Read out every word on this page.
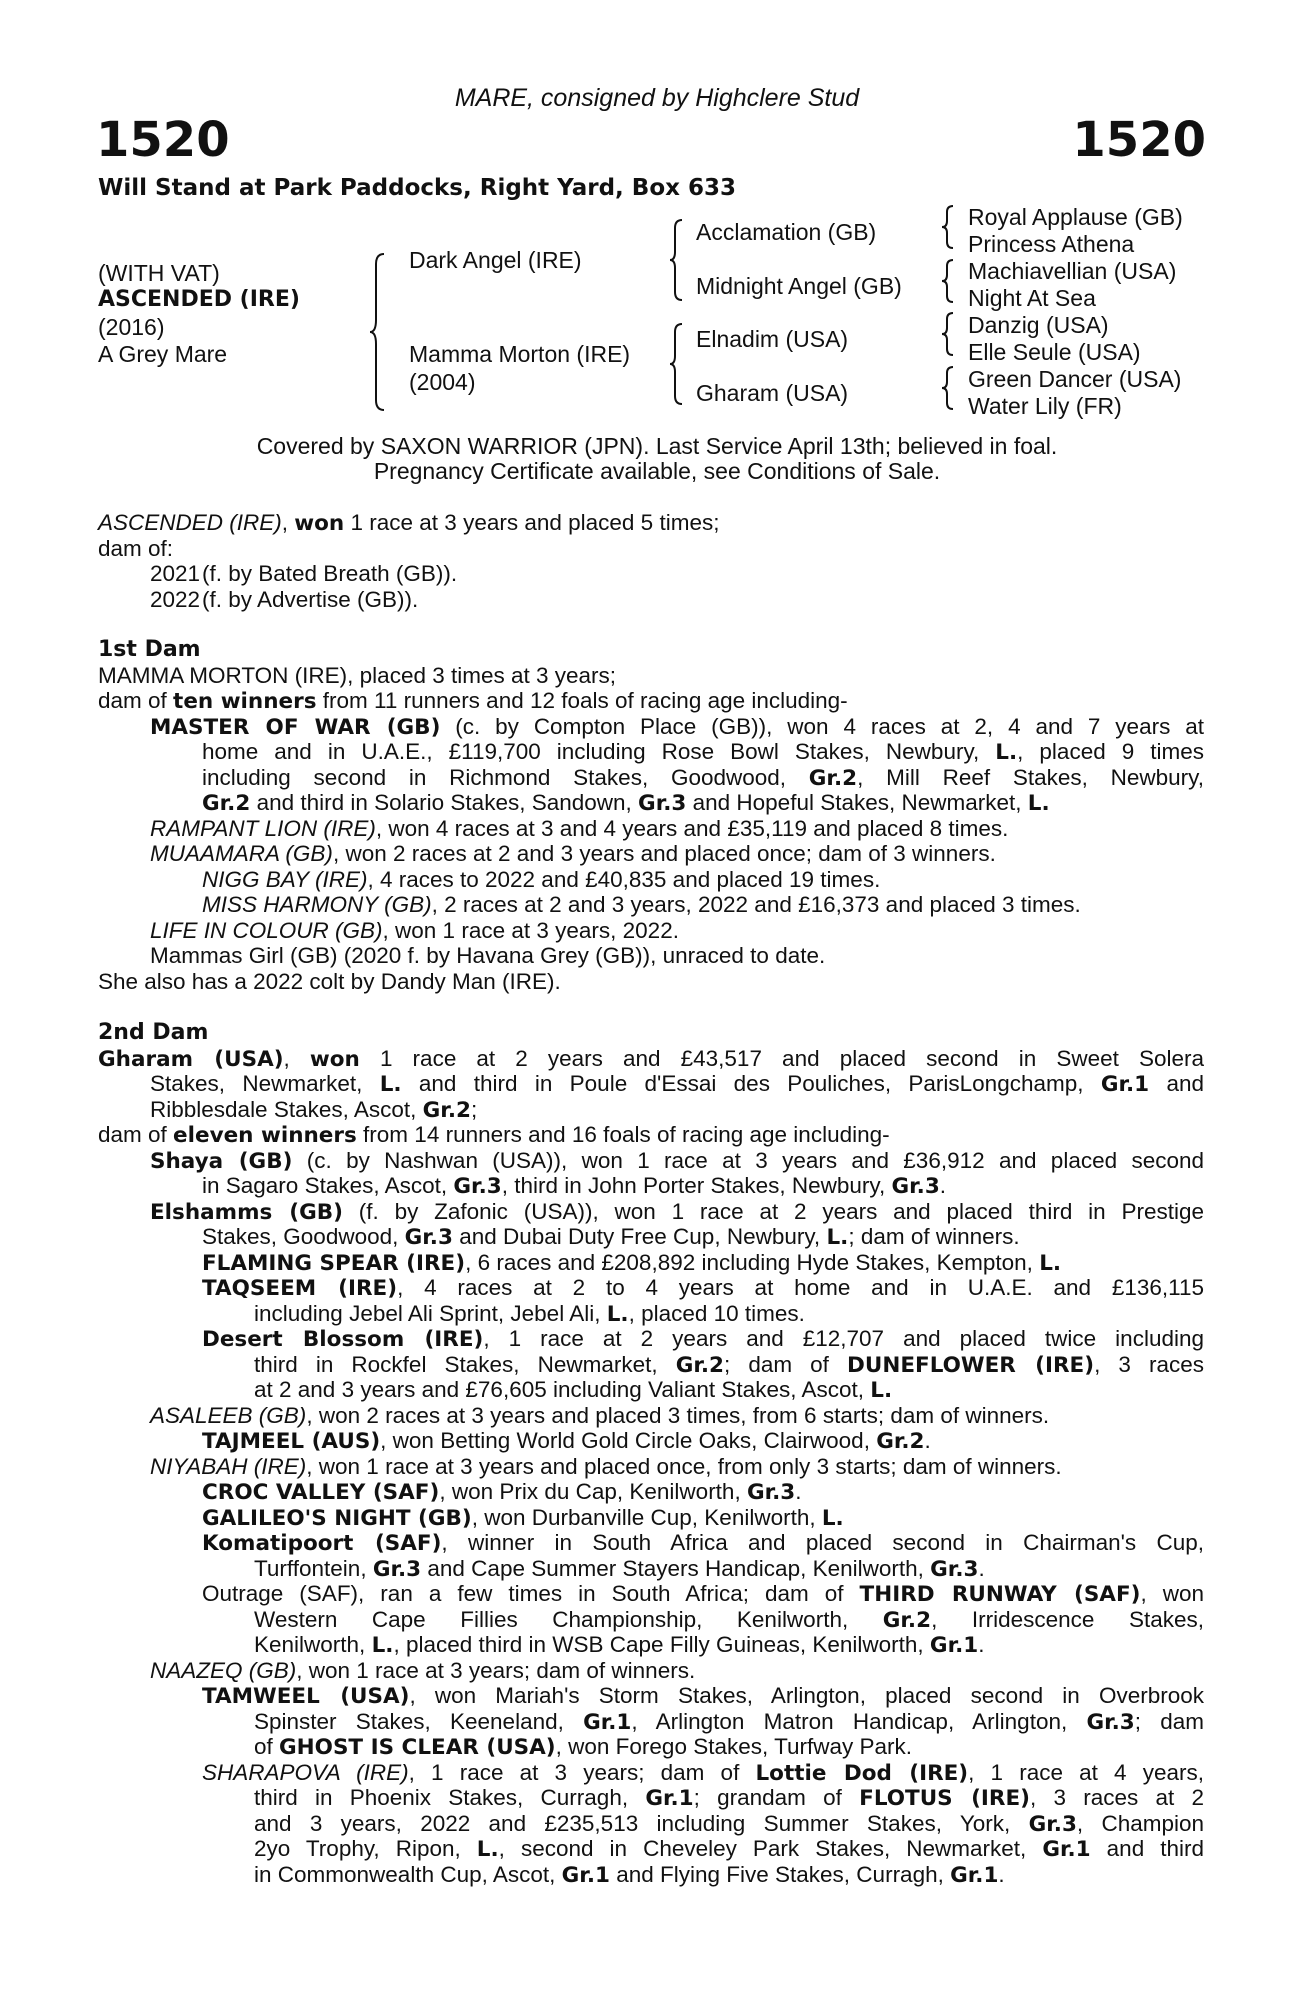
MARE, consigned by Highclere Stud
1520	1520
Will Stand at Park Paddocks, Right Yard, Box 633
(WITH VAT)
ASCENDED (IRE)
(2016)
A Grey Mare
Dark Angel (IRE)
Mamma Morton (IRE)
(2004)
Acclamation (GB)
Midnight Angel (GB)
Elnadim (USA)
Gharam (USA)
Royal Applause (GB)
Princess Athena
Machiavellian (USA)
Night At Sea
Danzig (USA)
Elle Seule (USA)
Green Dancer (USA)
Water Lily (FR)
Covered by SAXON WARRIOR (JPN). Last Service April 13th; believed in foal.
Pregnancy Certificate available, see Conditions of Sale.
ASCENDED (IRE), won 1 race at 3 years and placed 5 times;
dam of:
2021(f. by Bated Breath (GB)).
2022(f. by Advertise (GB)).
1st Dam
MAMMA MORTON (IRE), placed 3 times at 3 years;
dam of ten winners from 11 runners and 12 foals of racing age including-
MASTER OF WAR (GB) (c. by Compton Place (GB)), won 4 races at 2, 4 and 7 years at
home and in U.A.E., £119,700 including Rose Bowl Stakes, Newbury, L., placed 9 times
including second in Richmond Stakes, Goodwood, Gr.2, Mill Reef Stakes, Newbury,
Gr.2 and third in Solario Stakes, Sandown, Gr.3 and Hopeful Stakes, Newmarket, L.
RAMPANT LION (IRE), won 4 races at 3 and 4 years and £35,119 and placed 8 times.
MUAAMARA (GB), won 2 races at 2 and 3 years and placed once; dam of 3 winners.
NIGG BAY (IRE), 4 races to 2022 and £40,835 and placed 19 times.
MISS HARMONY (GB), 2 races at 2 and 3 years, 2022 and £16,373 and placed 3 times.
LIFE IN COLOUR (GB), won 1 race at 3 years, 2022.
Mammas Girl (GB) (2020 f. by Havana Grey (GB)), unraced to date.
She also has a 2022 colt by Dandy Man (IRE).
2nd Dam
Gharam (USA), won 1 race at 2 years and £43,517 and placed second in Sweet Solera
Stakes, Newmarket, L. and third in Poule d'Essai des Pouliches, ParisLongchamp, Gr.1 and
Ribblesdale Stakes, Ascot, Gr.2;
dam of eleven winners from 14 runners and 16 foals of racing age including-
Shaya (GB) (c. by Nashwan (USA)), won 1 race at 3 years and £36,912 and placed second
in Sagaro Stakes, Ascot, Gr.3, third in John Porter Stakes, Newbury, Gr.3.
Elshamms (GB) (f. by Zafonic (USA)), won 1 race at 2 years and placed third in Prestige
Stakes, Goodwood, Gr.3 and Dubai Duty Free Cup, Newbury, L.; dam of winners.
FLAMING SPEAR (IRE), 6 races and £208,892 including Hyde Stakes, Kempton, L.
TAQSEEM (IRE), 4 races at 2 to 4 years at home and in U.A.E. and £136,115
including Jebel Ali Sprint, Jebel Ali, L., placed 10 times.
Desert Blossom (IRE), 1 race at 2 years and £12,707 and placed twice including
third in Rockfel Stakes, Newmarket, Gr.2; dam of DUNEFLOWER (IRE), 3 races
at 2 and 3 years and £76,605 including Valiant Stakes, Ascot, L.
ASALEEB (GB), won 2 races at 3 years and placed 3 times, from 6 starts; dam of winners.
TAJMEEL (AUS), won Betting World Gold Circle Oaks, Clairwood, Gr.2.
NIYABAH (IRE), won 1 race at 3 years and placed once, from only 3 starts; dam of winners.
CROC VALLEY (SAF), won Prix du Cap, Kenilworth, Gr.3.
GALILEO'S NIGHT (GB), won Durbanville Cup, Kenilworth, L.
Komatipoort (SAF), winner in South Africa and placed second in Chairman's Cup,
Turffontein, Gr.3 and Cape Summer Stayers Handicap, Kenilworth, Gr.3.
Outrage (SAF), ran a few times in South Africa; dam of THIRD RUNWAY (SAF), won
Western Cape Fillies Championship, Kenilworth, Gr.2, Irridescence Stakes,
Kenilworth, L., placed third in WSB Cape Filly Guineas, Kenilworth, Gr.1.
NAAZEQ (GB), won 1 race at 3 years; dam of winners.
TAMWEEL (USA), won Mariah's Storm Stakes, Arlington, placed second in Overbrook
Spinster Stakes, Keeneland, Gr.1, Arlington Matron Handicap, Arlington, Gr.3; dam
of GHOST IS CLEAR (USA), won Forego Stakes, Turfway Park.
SHARAPOVA (IRE), 1 race at 3 years; dam of Lottie Dod (IRE), 1 race at 4 years,
third in Phoenix Stakes, Curragh, Gr.1; grandam of FLOTUS (IRE), 3 races at 2
and 3 years, 2022 and £235,513 including Summer Stakes, York, Gr.3, Champion
2yo Trophy, Ripon, L., second in Cheveley Park Stakes, Newmarket, Gr.1 and third
in Commonwealth Cup, Ascot, Gr.1 and Flying Five Stakes, Curragh, Gr.1.
